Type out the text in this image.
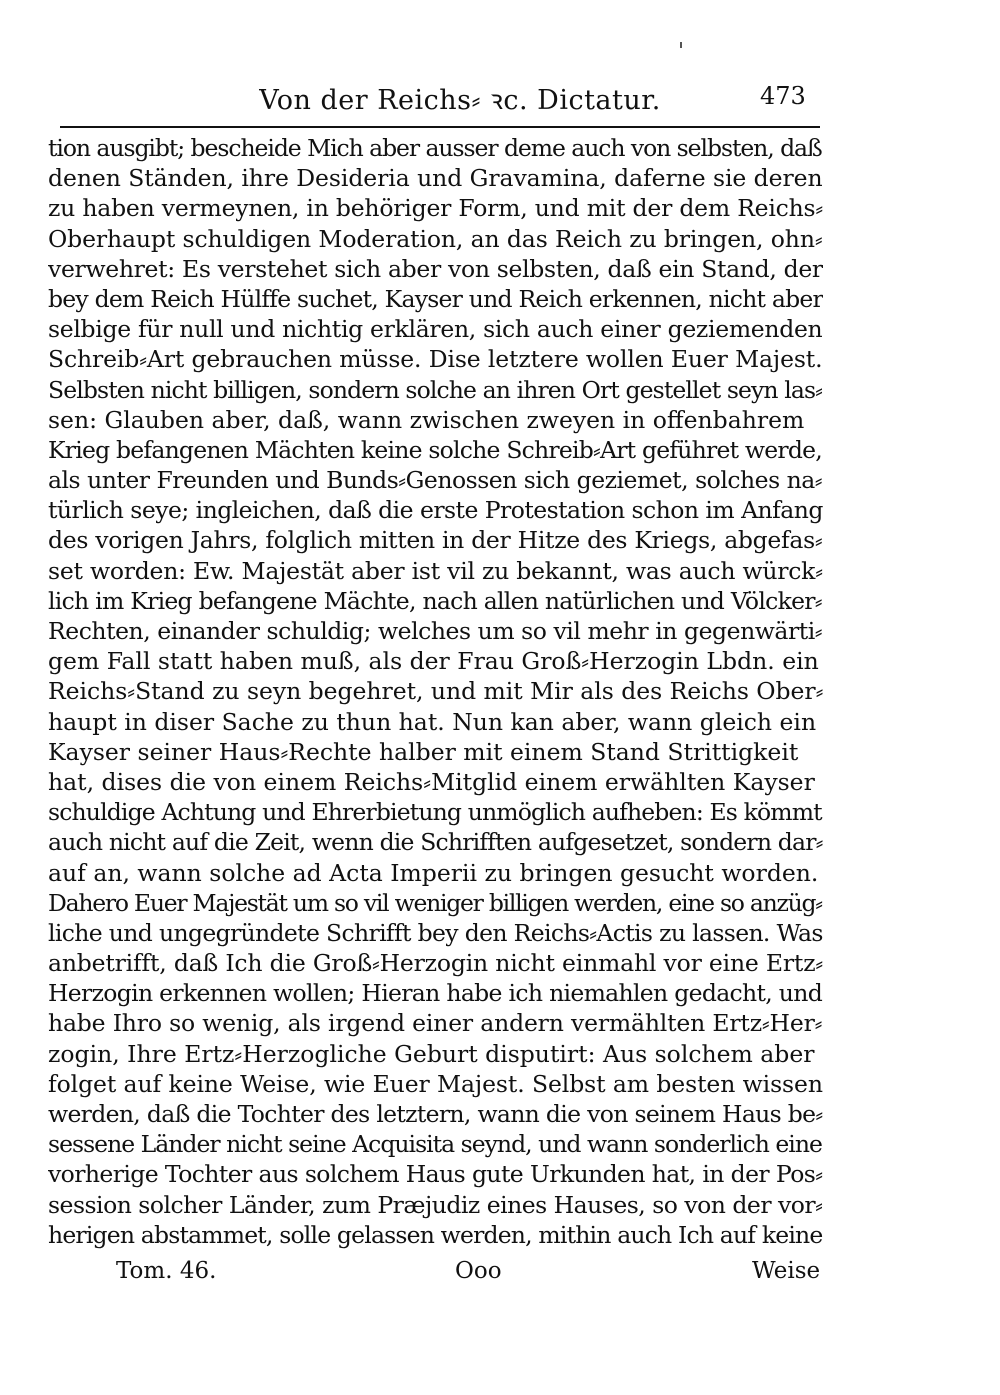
Von der Reichs⸗ ꝛc. Dictatur.	473
tion ausgibt; bescheide Mich aber ausser deme auch von selbsten, daß
denen Ständen, ihre Desideria und Gravamina, daferne sie deren
zu haben vermeynen, in behöriger Form, und mit der dem Reichs⸗
Oberhaupt schuldigen Moderation, an das Reich zu bringen, ohn⸗
verwehret: Es verstehet sich aber von selbsten, daß ein Stand, der
bey dem Reich Hülffe suchet, Kayser und Reich erkennen, nicht aber
selbige für null und nichtig erklären, sich auch einer geziemenden
Schreib⸗Art gebrauchen müsse. Dise letztere wollen Euer Majest.
Selbsten nicht billigen, sondern solche an ihren Ort gestellet seyn las⸗
sen: Glauben aber, daß, wann zwischen zweyen in offenbahrem
Krieg befangenen Mächten keine solche Schreib⸗Art geführet werde,
als unter Freunden und Bunds⸗Genossen sich geziemet, solches na⸗
türlich seye; ingleichen, daß die erste Protestation schon im Anfang
des vorigen Jahrs, folglich mitten in der Hitze des Kriegs, abgefas⸗
set worden: Ew. Majestät aber ist vil zu bekannt, was auch würck⸗
lich im Krieg befangene Mächte, nach allen natürlichen und Völcker⸗
Rechten, einander schuldig; welches um so vil mehr in gegenwärti⸗
gem Fall statt haben muß, als der Frau Groß⸗Herzogin Lbdn. ein
Reichs⸗Stand zu seyn begehret, und mit Mir als des Reichs Ober⸗
haupt in diser Sache zu thun hat. Nun kan aber, wann gleich ein
Kayser seiner Haus⸗Rechte halber mit einem Stand Strittigkeit
hat, dises die von einem Reichs⸗Mitglid einem erwählten Kayser
schuldige Achtung und Ehrerbietung unmöglich aufheben: Es kömmt
auch nicht auf die Zeit, wenn die Schrifften aufgesetzet, sondern dar⸗
auf an, wann solche ad Acta Imperii zu bringen gesucht worden.
Dahero Euer Majestät um so vil weniger billigen werden, eine so anzüg⸗
liche und ungegründete Schrifft bey den Reichs⸗Actis zu lassen. Was
anbetrifft, daß Ich die Groß⸗Herzogin nicht einmahl vor eine Ertz⸗
Herzogin erkennen wollen; Hieran habe ich niemahlen gedacht, und
habe Ihro so wenig, als irgend einer andern vermählten Ertz⸗Her⸗
zogin, Ihre Ertz⸗Herzogliche Geburt disputirt: Aus solchem aber
folget auf keine Weise, wie Euer Majest. Selbst am besten wissen
werden, daß die Tochter des letztern, wann die von seinem Haus be⸗
sessene Länder nicht seine Acquisita seynd, und wann sonderlich eine
vorherige Tochter aus solchem Haus gute Urkunden hat, in der Pos⸗
session solcher Länder, zum Præjudiz eines Hauses, so von der vor⸗
herigen abstammet, solle gelassen werden, mithin auch Ich auf keine
Tom. 46.	Ooo	Weise
